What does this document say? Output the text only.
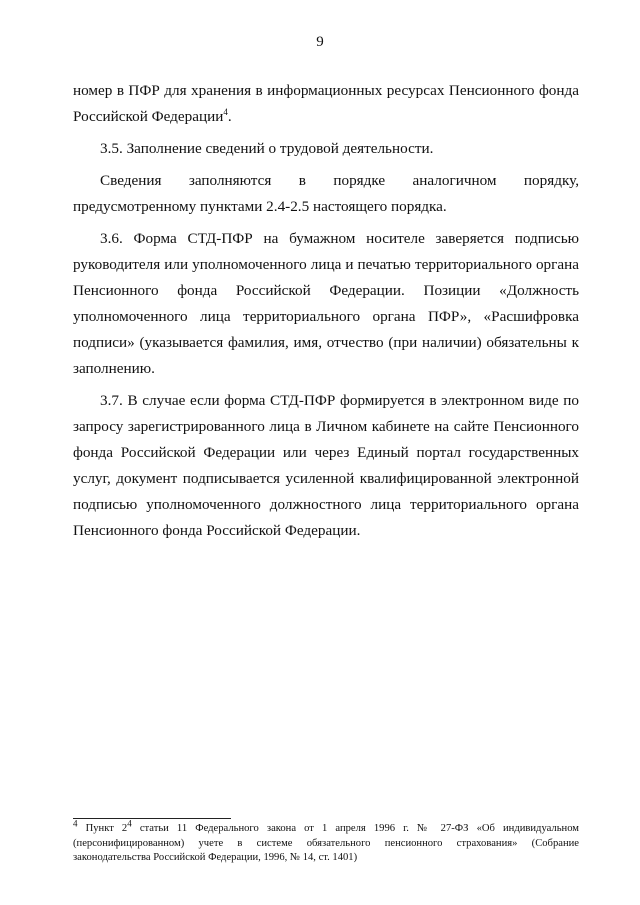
9

номер в ПФР для хранения в информационных ресурсах Пенсионного фонда Российской Федерации$^4$.

3.5. Заполнение сведений о трудовой деятельности.

Сведения заполняются в порядке аналогичном порядку, предусмотренному пунктами 2.4-2.5 настоящего порядка.

3.6. Форма СТД-ПФР на бумажном носителе заверяется подписью руководителя или уполномоченного лица и печатью территориального органа Пенсионного фонда Российской Федерации. Позиции «Должность уполномоченного лица территориального органа ПФР», «Расшифровка подписи» (указывается фамилия, имя, отчество (при наличии) обязательны к заполнению.

3.7. В случае если форма СТД-ПФР формируется в электронном виде по запросу зарегистрированного лица в Личном кабинете на сайте Пенсионного фонда Российской Федерации или через Единый портал государственных услуг, документ подписывается усиленной квалифицированной электронной подписью уполномоченного должностного лица территориального органа Пенсионного фонда Российской Федерации.

$^4$ Пункт $2^4$ статьи 11 Федерального закона от 1 апреля 1996 г. № 27-ФЗ «Об индивидуальном
(персонифицированном) учете в системе обязательного пенсионного страхования» (Собрание
законодательства Российской Федерации, 1996, № 14, ст. 1401)
